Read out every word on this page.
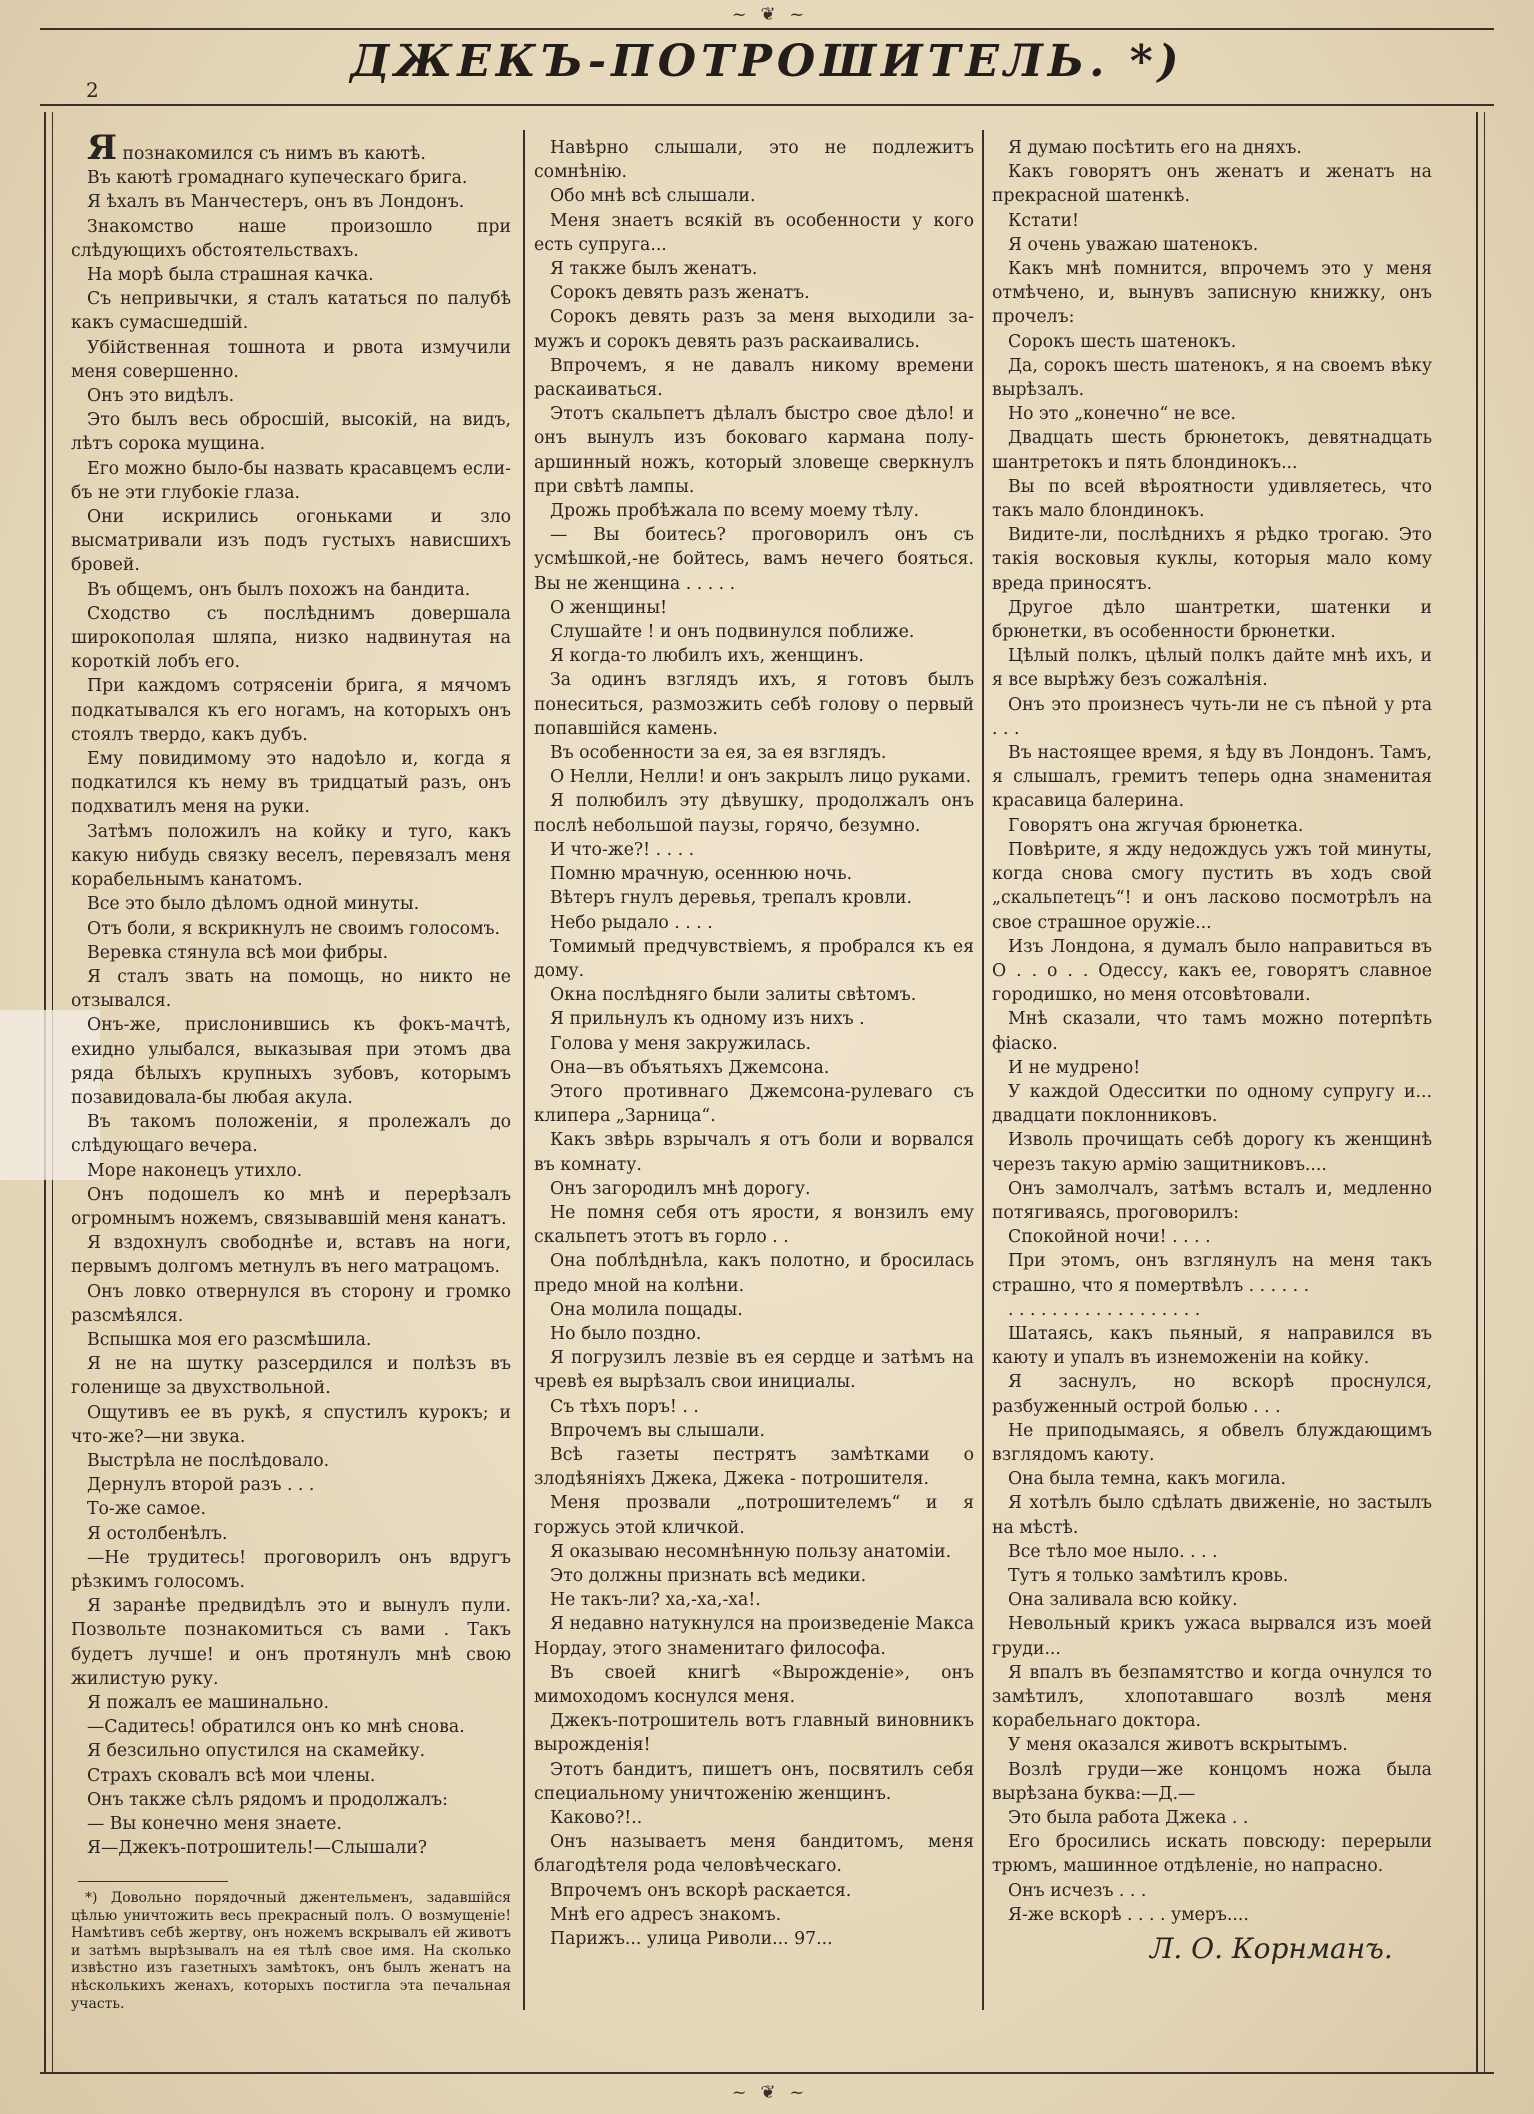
~ ❦ ~
2
ДЖЕКЪ-ПОТРОШИТЕЛЬ. *)

Я познакомился съ нимъ въ каютѣ.

Въ каютѣ громаднаго купеческаго брига.

Я ѣхалъ въ Манчестеръ, онъ въ Лондонъ.

Знакомство наше произошло при слѣдующихъ обстоятельствахъ.

На морѣ была страшная качка.

Съ непривычки, я сталъ кататься по палубѣ какъ сумасшедшій.

Убійственная тошнота и рвота измучили меня совершенно.

Онъ это видѣлъ.

Это былъ весь обросшій, высокій, на видъ, лѣтъ сорока мущина.

Его можно было-бы назвать красавцемъ если-бъ не эти глубокіе глаза.

Они искрились огоньками и зло высматривали изъ подъ густыхъ нависшихъ бровей.

Въ общемъ, онъ былъ похожъ на бандита.

Сходство съ послѣднимъ довершала широкополая шляпа, низко надвинутая на короткій лобъ его.

При каждомъ сотрясеніи брига, я мячомъ подкатывался къ его ногамъ, на которыхъ онъ стоялъ твердо, какъ дубъ.

Ему повидимому это надоѣло и, когда я подкатился къ нему въ тридцатый разъ, онъ подхватилъ меня на руки.

Затѣмъ положилъ на койку и туго, какъ какую нибудь связку веселъ, перевязалъ меня корабельнымъ канатомъ.

Все это было дѣломъ одной минуты.

Отъ боли, я вскрикнулъ не своимъ голосомъ.

Веревка стянула всѣ мои фибры.

Я сталъ звать на помощь, но никто не отзывался.

Онъ-же, прислонившись къ фокъ-мачтѣ, ехидно улыбался, выказывая при этомъ два ряда бѣлыхъ крупныхъ зубовъ, которымъ позавидовала-бы любая акула.

Въ такомъ положеніи, я пролежалъ до слѣдующаго вечера.

Море наконецъ утихло.

Онъ подошелъ ко мнѣ и перерѣзалъ огромнымъ ножемъ, связывавшій меня канатъ.

Я вздохнулъ свободнѣе и, вставъ на ноги, первымъ долгомъ метнулъ въ него матрацомъ.

Онъ ловко отвернулся въ сторону и громко разсмѣялся.

Вспышка моя его разсмѣшила.

Я не на шутку разсердился и полѣзъ въ голенище за двухствольной.

Ощутивъ ее въ рукѣ, я спустилъ курокъ; и что-же?—ни звука.

Выстрѣла не послѣдовало.

Дернулъ второй разъ . . .

То-же самое.

Я остолбенѣлъ.

—Не трудитесь! проговорилъ онъ вдругъ рѣзкимъ голосомъ.

Я заранѣе предвидѣлъ это и вынулъ пули. Позвольте познакомиться съ вами . Такъ будетъ лучше! и онъ протянулъ мнѣ свою жилистую руку.

Я пожалъ ее машинально.

—Садитесь! обратился онъ ко мнѣ снова.

Я безсильно опустился на скамейку.

Страхъ сковалъ всѣ мои члены.

Онъ также сѣлъ рядомъ и продолжалъ:

— Вы конечно меня знаете.

Я—Джекъ-потрошитель!—Слышали?

Навѣрно слышали, это не подлежитъ сомнѣнію.

Обо мнѣ всѣ слышали.

Меня знаетъ всякій въ особенности у кого есть супруга...

Я также былъ женатъ.

Сорокъ девять разъ женатъ.

Сорокъ девять разъ за меня выходили за-мужъ и сорокъ девять разъ раскаивались.

Впрочемъ, я не давалъ никому времени раскаиваться.

Этотъ скальпетъ дѣлалъ быстро свое дѣло! и онъ вынулъ изъ боковаго кармана полу-аршинный ножъ, который зловеще сверкнулъ при свѣтѣ лампы.

Дрожь пробѣжала по всему моему тѣлу.

— Вы боитесь? проговорилъ онъ съ усмѣшкой,-не бойтесь, вамъ нечего бояться. Вы не женщина . . . . .

О женщины!

Слушайте ! и онъ подвинулся поближе.

Я когда-то любилъ ихъ, женщинъ.

За одинъ взглядъ ихъ, я готовъ былъ понеситься, размозжить себѣ голову о первый попавшійся камень.

Въ особенности за ея, за ея взглядъ.

О Нелли, Нелли! и онъ закрылъ лицо руками.

Я полюбилъ эту дѣвушку, продолжалъ онъ послѣ небольшой паузы, горячо, безумно.

И что-же?! . . . .

Помню мрачную, осеннюю ночь.

Вѣтеръ гнулъ деревья, трепалъ кровли.

Небо рыдало . . . .

Томимый предчувствіемъ, я пробрался къ ея дому.

Окна послѣдняго были залиты свѣтомъ.

Я прильнулъ къ одному изъ нихъ .

Голова у меня закружилась.

Она—въ объятьяхъ Джемсона.

Этого противнаго Джемсона-рулеваго съ клипера „Зарница“.

Какъ звѣрь взрычалъ я отъ боли и ворвался въ комнату.

Онъ загородилъ мнѣ дорогу.

Не помня себя отъ ярости, я вонзилъ ему скальпетъ этотъ въ горло . .

Она поблѣднѣла, какъ полотно, и бросилась предо мной на колѣни.

Она молила пощады.

Но было поздно.

Я погрузилъ лезвіе въ ея сердце и затѣмъ на чревѣ ея вырѣзалъ свои инициалы.

Съ тѣхъ поръ! . .

Впрочемъ вы слышали.

Всѣ газеты пестрятъ замѣтками о злодѣяніяхъ Джека, Джека - потрошителя.

Меня прозвали „потрошителемъ“ и я горжусь этой кличкой.

Я оказываю несомнѣнную пользу анатоміи.

Это должны признать всѣ медики.

Не такъ-ли? ха,-ха,-ха!.

Я недавно натукнулся на произведеніе Макса Нордау, этого знаменитаго философа.

Въ своей книгѣ «Вырожденіе», онъ мимоходомъ коснулся меня.

Джекъ-потрошитель вотъ главный виновникъ вырожденія!

Этотъ бандитъ, пишетъ онъ, посвятилъ себя специальному уничтоженію женщинъ.

Каково?!..

Онъ называетъ меня бандитомъ, меня благодѣтеля рода человѣческаго.

Впрочемъ онъ вскорѣ раскается.

Мнѣ его адресъ знакомъ.

Парижъ... улица Риволи... 97...

Я думаю посѣтить его на дняхъ.

Какъ говорятъ онъ женатъ и женатъ на прекрасной шатенкѣ.

Кстати!

Я очень уважаю шатенокъ.

Какъ мнѣ помнится, впрочемъ это у меня отмѣчено, и, вынувъ записную книжку, онъ прочелъ:

Сорокъ шесть шатенокъ.

Да, сорокъ шесть шатенокъ, я на своемъ вѣку вырѣзалъ.

Но это „конечно“ не все.

Двадцать шесть брюнетокъ, девятнадцать шантретокъ и пять блондинокъ...

Вы по всей вѣроятности удивляетесь, что такъ мало блондинокъ.

Видите-ли, послѣднихъ я рѣдко трогаю. Это такія восковыя куклы, которыя мало кому вреда приносятъ.

Другое дѣло шантретки, шатенки и брюнетки, въ особенности брюнетки.

Цѣлый полкъ, цѣлый полкъ дайте мнѣ ихъ, и я все вырѣжу безъ сожалѣнія.

Онъ это произнесъ чуть-ли не съ пѣной у рта . . .

Въ настоящее время, я ѣду въ Лондонъ. Тамъ, я слышалъ, гремитъ теперь одна знаменитая красавица балерина.

Говорятъ она жгучая брюнетка.

Повѣрите, я жду недождусь ужъ той минуты, когда снова смогу пустить въ ходъ свой „скальпетецъ“! и онъ ласково посмотрѣлъ на свое страшное оружіе...

Изъ Лондона, я думалъ было направиться въ О . . о . . Одессу, какъ ее, говорятъ славное городишко, но меня отсовѣтовали.

Мнѣ сказали, что тамъ можно потерпѣть фіаско.

И не мудрено!

У каждой Одесситки по одному супругу и... двадцати поклонниковъ.

Изволь прочищать себѣ дорогу къ женщинѣ черезъ такую армію защитниковъ....

Онъ замолчалъ, затѣмъ всталъ и, медленно потягиваясь, проговорилъ:

Спокойной ночи! . . . .

При этомъ, онъ взглянулъ на меня такъ страшно, что я помертвѣлъ . . . . . .

. . . . . . . . . . . . . . . . . .

Шатаясь, какъ пьяный, я направился въ каюту и упалъ въ изнеможеніи на койку.

Я заснулъ, но вскорѣ проснулся, разбуженный острой болью . . .

Не приподымаясь, я обвелъ блуждающимъ взглядомъ каюту.

Она была темна, какъ могила.

Я хотѣлъ было сдѣлать движеніе, но застылъ на мѣстѣ.

Все тѣло мое ныло. . . .

Тутъ я только замѣтилъ кровь.

Она заливала всю койку.

Невольный крикъ ужаса вырвался изъ моей груди...

Я впалъ въ безпамятство и когда очнулся то замѣтилъ, хлопотавшаго возлѣ меня корабельнаго доктора.

У меня оказался животъ вскрытымъ.

Возлѣ груди—же концомъ ножа была вырѣзана буква:—Д.—

Это была работа Джека . .

Его бросились искать повсюду: перерыли трюмъ, машинное отдѣленіе, но напрасно.

Онъ исчезъ . . .

Я-же вскорѣ . . . . умеръ....

*) Довольно порядочный джентельменъ, задавшійся цѣлью уничтожить весь прекрасный полъ. О возмущеніе! Намѣтивъ себѣ жертву, онъ ножемъ вскрывалъ ей животъ и затѣмъ вырѣзывалъ на ея тѣлѣ свое имя. На сколько извѣстно изъ газетныхъ замѣтокъ, онъ былъ женатъ на нѣсколькихъ женахъ, которыхъ постигла эта печальная участь.

Л. О. Корнманъ.
~ ❦ ~
